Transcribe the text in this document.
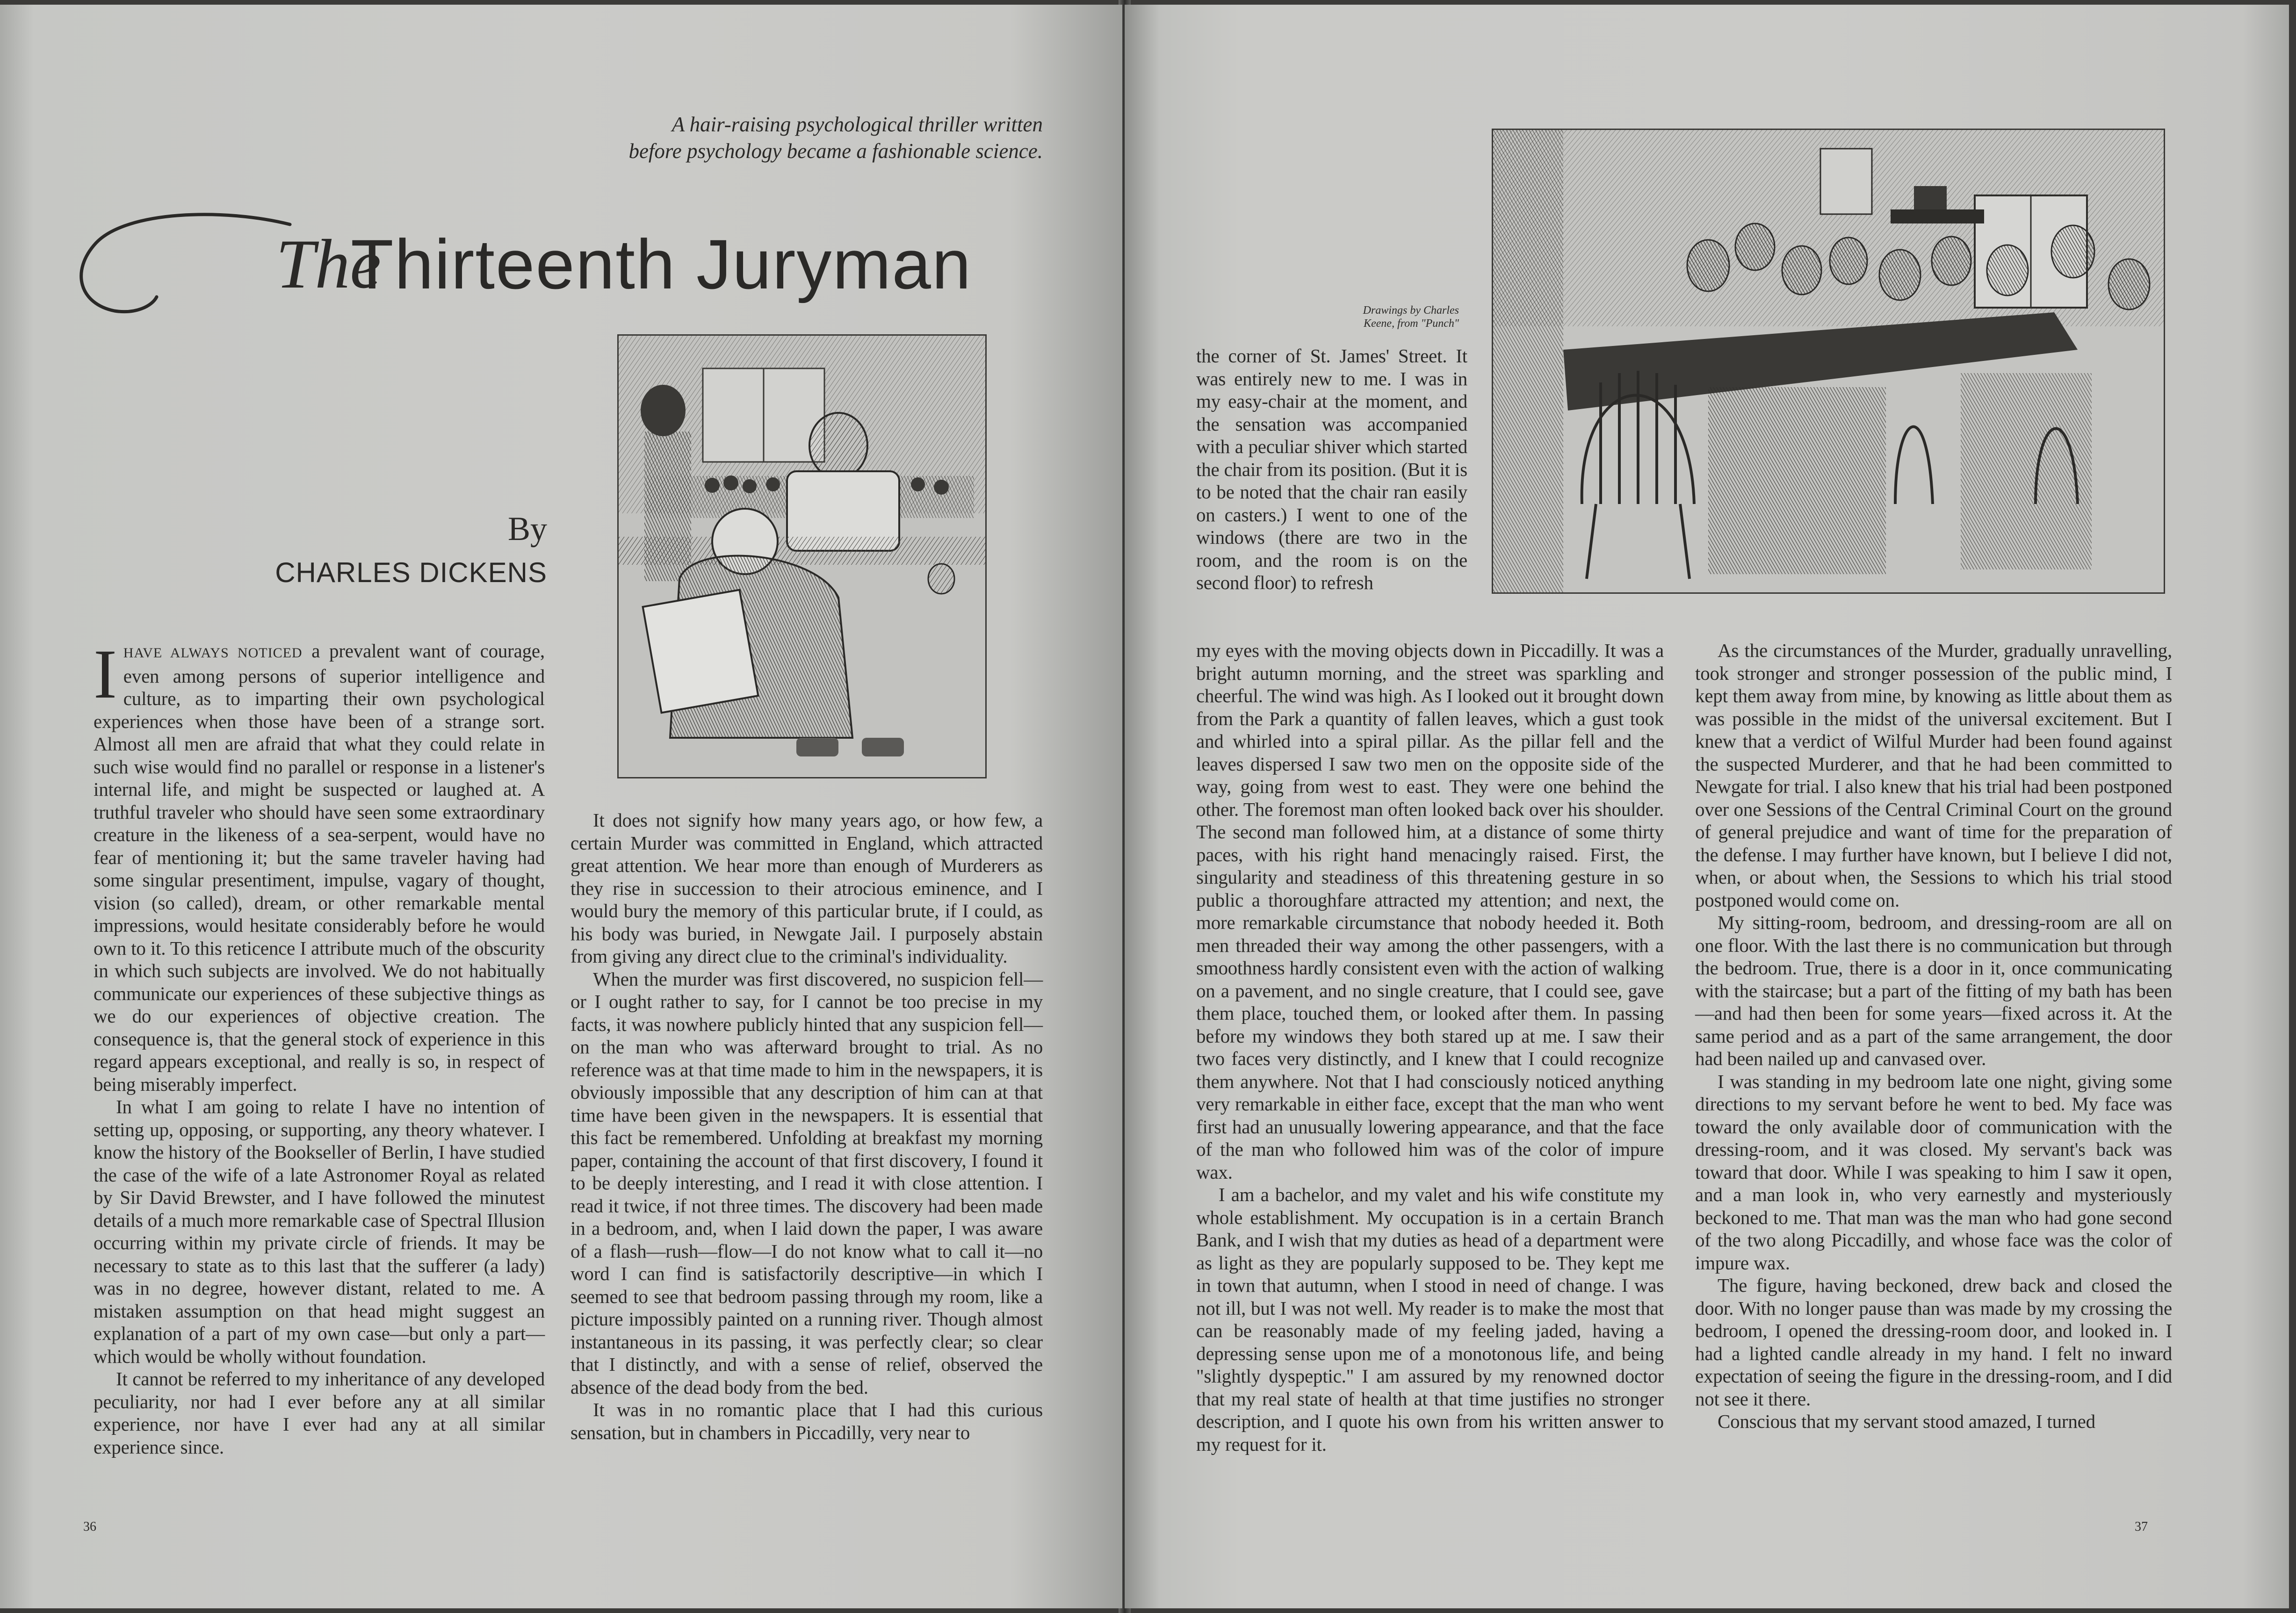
A hair-raising psychological thriller written
before psychology became a fashionable science.
The
Thirteenth Juryman
By
CHARLES DICKENS

IHAVE ALWAYS NOTICED a prevalent want of courage, even among persons of superior intelligence and culture, as to imparting their own psychological experiences when those have been of a strange sort. Almost all men are afraid that what they could relate in such wise would find no parallel or response in a listener's internal life, and might be suspected or laughed at. A truthful traveler who should have seen some extraordinary creature in the likeness of a sea-serpent, would have no fear of mentioning it; but the same traveler having had some singular presentiment, impulse, vagary of thought, vision (so called), dream, or other remarkable mental impressions, would hesitate considerably before he would own to it. To this reticence I attribute much of the obscurity in which such subjects are involved. We do not habitually communicate our experiences of these subjective things as we do our experiences of objective creation. The consequence is, that the general stock of experience in this regard appears exceptional, and really is so, in respect of being miserably imperfect.

In what I am going to relate I have no intention of setting up, opposing, or supporting, any theory whatever. I know the history of the Bookseller of Berlin, I have studied the case of the wife of a late Astronomer Royal as related by Sir David Brewster, and I have followed the minutest details of a much more remarkable case of Spectral Illusion occurring within my private circle of friends. It may be necessary to state as to this last that the sufferer (a lady) was in no degree, however distant, related to me. A mistaken assumption on that head might suggest an explanation of a part of my own case—but only a part—which would be wholly without foundation.

It cannot be referred to my inheritance of any developed peculiarity, nor had I ever before any at all similar experience, nor have I ever had any at all similar experience since.

It does not signify how many years ago, or how few, a certain Murder was committed in England, which attracted great attention. We hear more than enough of Murderers as they rise in succession to their atrocious eminence, and I would bury the memory of this particular brute, if I could, as his body was buried, in Newgate Jail. I purposely abstain from giving any direct clue to the criminal's individuality.

When the murder was first discovered, no suspicion fell—or I ought rather to say, for I cannot be too precise in my facts, it was nowhere publicly hinted that any suspicion fell—on the man who was afterward brought to trial. As no reference was at that time made to him in the newspapers, it is obviously impossible that any description of him can at that time have been given in the newspapers. It is essential that this fact be remembered. Unfolding at breakfast my morning paper, containing the account of that first discovery, I found it to be deeply interesting, and I read it with close attention. I read it twice, if not three times. The discovery had been made in a bedroom, and, when I laid down the paper, I was aware of a flash—rush—flow—I do not know what to call it—no word I can find is satisfactorily descriptive—in which I seemed to see that bedroom passing through my room, like a picture impossibly painted on a running river. Though almost instantaneous in its passing, it was perfectly clear; so clear that I distinctly, and with a sense of relief, observed the absence of the dead body from the bed.

It was in no romantic place that I had this curious sensation, but in chambers in Piccadilly, very near to

36
Drawings by Charles
Keene, from "Punch"

the corner of St. James' Street. It was entirely new to me. I was in my easy-chair at the moment, and the sensation was accompanied with a peculiar shiver which started the chair from its position. (But it is to be noted that the chair ran easily on casters.) I went to one of the windows (there are two in the room, and the room is on the second floor) to refresh

my eyes with the moving objects down in Piccadilly. It was a bright autumn morning, and the street was sparkling and cheerful. The wind was high. As I looked out it brought down from the Park a quantity of fallen leaves, which a gust took and whirled into a spiral pillar. As the pillar fell and the leaves dispersed I saw two men on the opposite side of the way, going from west to east. They were one behind the other. The foremost man often looked back over his shoulder. The second man followed him, at a distance of some thirty paces, with his right hand menacingly raised. First, the singularity and steadiness of this threatening gesture in so public a thoroughfare attracted my attention; and next, the more remarkable circumstance that nobody heeded it. Both men threaded their way among the other passengers, with a smoothness hardly consistent even with the action of walking on a pavement, and no single creature, that I could see, gave them place, touched them, or looked after them. In passing before my windows they both stared up at me. I saw their two faces very distinctly, and I knew that I could recognize them anywhere. Not that I had consciously noticed anything very remarkable in either face, except that the man who went first had an unusually lowering appearance, and that the face of the man who followed him was of the color of impure wax.

I am a bachelor, and my valet and his wife constitute my whole establishment. My occupation is in a certain Branch Bank, and I wish that my duties as head of a department were as light as they are popularly supposed to be. They kept me in town that autumn, when I stood in need of change. I was not ill, but I was not well. My reader is to make the most that can be reasonably made of my feeling jaded, having a depressing sense upon me of a monotonous life, and being "slightly dyspeptic." I am assured by my renowned doctor that my real state of health at that time justifies no stronger description, and I quote his own from his written answer to my request for it.

As the circumstances of the Murder, gradually unravelling, took stronger and stronger possession of the public mind, I kept them away from mine, by knowing as little about them as was possible in the midst of the universal excitement. But I knew that a verdict of Wilful Murder had been found against the suspected Murderer, and that he had been committed to Newgate for trial. I also knew that his trial had been postponed over one Sessions of the Central Criminal Court on the ground of general prejudice and want of time for the preparation of the defense. I may further have known, but I believe I did not, when, or about when, the Sessions to which his trial stood postponed would come on.

My sitting-room, bedroom, and dressing-room are all on one floor. With the last there is no communication but through the bedroom. True, there is a door in it, once communicating with the staircase; but a part of the fitting of my bath has been—and had then been for some years—fixed across it. At the same period and as a part of the same arrangement, the door had been nailed up and canvased over.

I was standing in my bedroom late one night, giving some directions to my servant before he went to bed. My face was toward the only available door of communication with the dressing-room, and it was closed. My servant's back was toward that door. While I was speaking to him I saw it open, and a man look in, who very earnestly and mysteriously beckoned to me. That man was the man who had gone second of the two along Piccadilly, and whose face was the color of impure wax.

The figure, having beckoned, drew back and closed the door. With no longer pause than was made by my crossing the bedroom, I opened the dressing-room door, and looked in. I had a lighted candle already in my hand. I felt no inward expectation of seeing the figure in the dressing-room, and I did not see it there.

Conscious that my servant stood amazed, I turned

37
